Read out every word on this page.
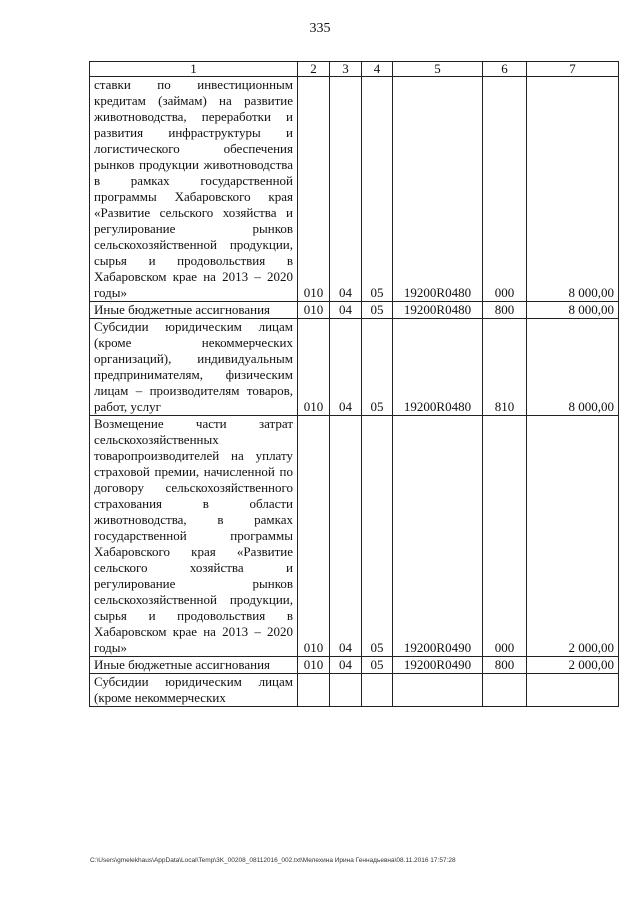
335
1	2	3	4	5	6	7
ставки по инвестиционным кредитам (займам) на развитие животноводства, переработки и развития инфраструктуры и логистического обеспечения рынков продукции животноводства в рамках государственной программы Хабаровского края «Развитие сельского хозяйства и регулирование рынков сельскохозяйственной продукции, сырья и продовольствия в Хабаровском крае на 2013 – 2020 годы»	010	04	05	19200R0480	000	8 000,00
Иные бюджетные ассигнования	010	04	05	19200R0480	800	8 000,00
Субсидии юридическим лицам (кроме некоммерческих организаций), индивидуальным предпринимателям, физическим лицам – производителям товаров, работ, услуг	010	04	05	19200R0480	810	8 000,00
Возмещение части затрат сельскохозяйственных товаропроизводителей на уплату страховой премии, начисленной по договору сельскохозяйственного страхования в области животноводства, в рамках государственной программы Хабаровского края «Развитие сельского хозяйства и регулирование рынков сельскохозяйственной продукции, сырья и продовольствия в Хабаровском крае на 2013 – 2020 годы»	010	04	05	19200R0490	000	2 000,00
Иные бюджетные ассигнования	010	04	05	19200R0490	800	2 000,00
Субсидии юридическим лицам (кроме некоммерческих						
C:\Users\gmelekhaus\AppData\Local\Temp\3K_00208_08112016_002.txt\Мелехина Ирина Геннадьевна\08.11.2016 17:57:28
